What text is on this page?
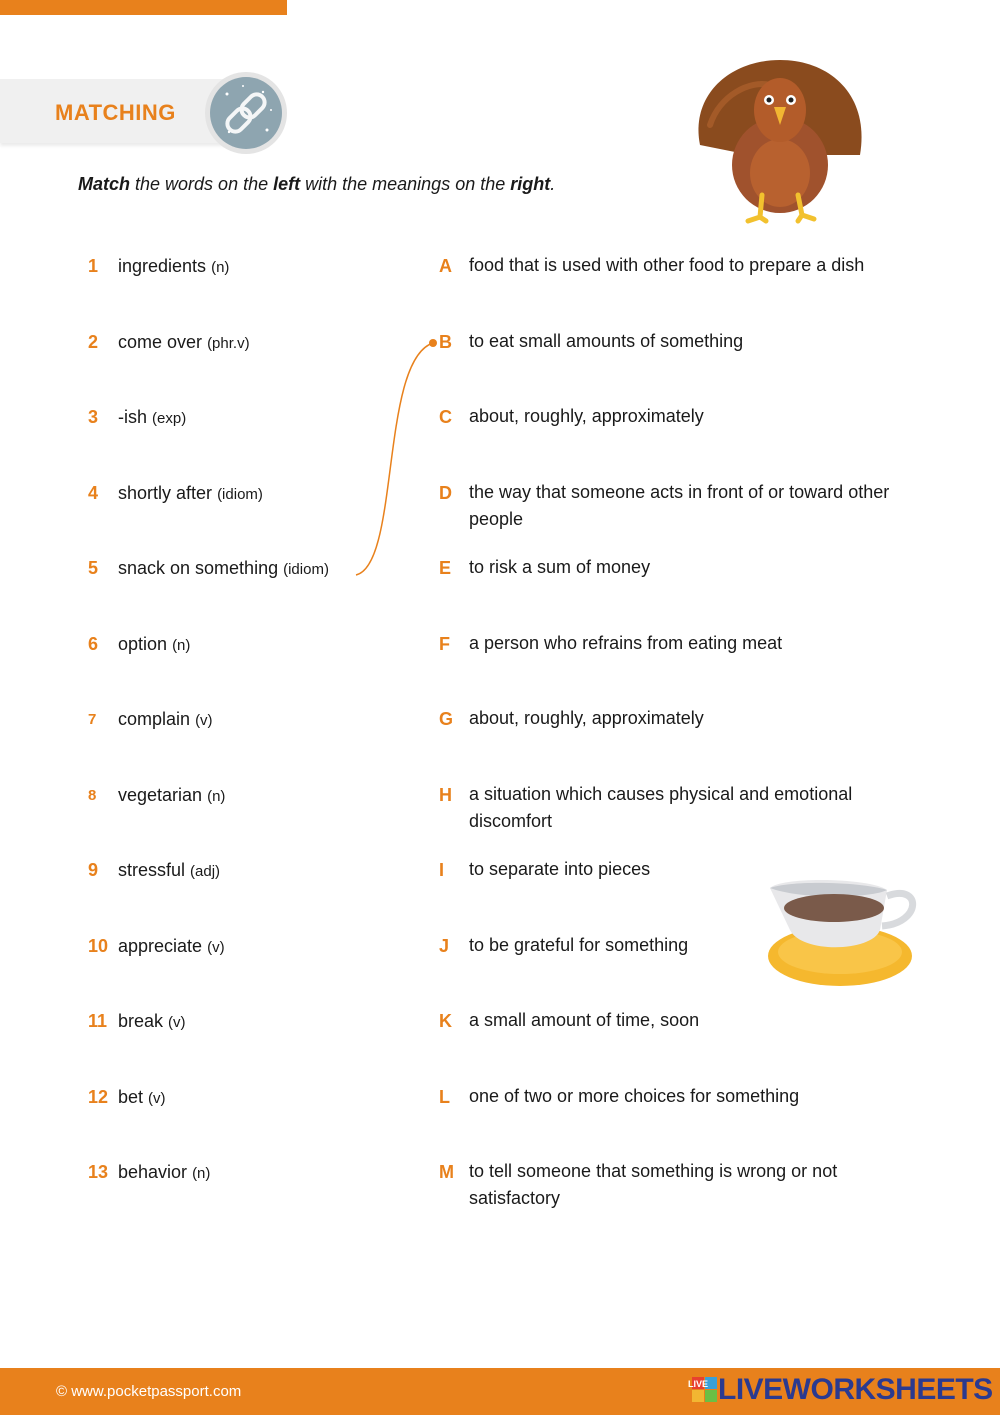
MATCHING
Match the words on the left with the meanings on the right.
1 ingredients (n)
2 come over (phr.v)
3 -ish (exp)
4 shortly after (idiom)
5 snack on something (idiom)
6 option (n)
7 complain (v)
8 vegetarian (n)
9 stressful (adj)
10 appreciate (v)
11 break (v)
12 bet (v)
13 behavior (n)
A food that is used with other food to prepare a dish
B to eat small amounts of something
C about, roughly, approximately
D the way that someone acts in front of or toward other people
E to risk a sum of money
F a person who refrains from eating meat
G about, roughly, approximately
H a situation which causes physical and emotional discomfort
I to separate into pieces
J to be grateful for something
K a small amount of time, soon
L one of two or more choices for something
M to tell someone that something is wrong or not satisfactory
© www.pocketpassport.com	LIVE LIVEWORKSHEETS
